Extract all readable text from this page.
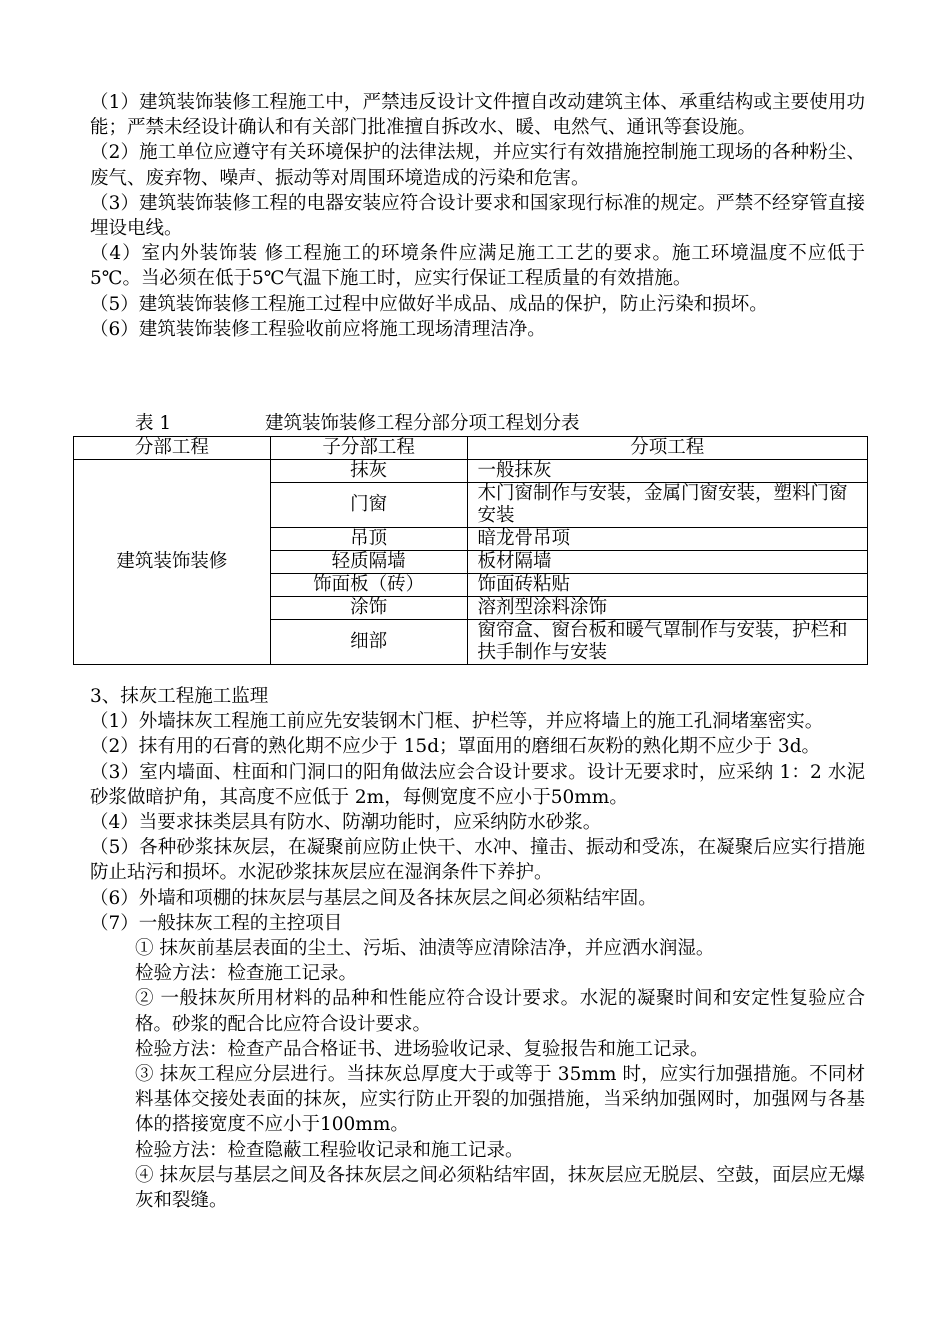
（1）建筑装饰装修工程施工中，严禁违反设计文件擅自改动建筑主体、承重结构或主要使用功能；严禁未经设计确认和有关部门批准擅自拆改水、暖、电然气、通讯等套设施。

（2）施工单位应遵守有关环境保护的法律法规，并应实行有效措施控制施工现场的各种粉尘、废气、废弃物、噪声、振动等对周围环境造成的污染和危害。

（3）建筑装饰装修工程的电器安装应符合设计要求和国家现行标准的规定。严禁不经穿管直接埋设电线。

（4）室内外装饰装 修工程施工的环境条件应满足施工工艺的要求。施工环境温度不应低于5℃。当必须在低于5℃气温下施工时，应实行保证工程质量的有效措施。

（5）建筑装饰装修工程施工过程中应做好半成品、成品的保护，防止污染和损坏。

（6）建筑装饰装修工程验收前应将施工现场清理洁净。

表 1	建筑装饰装修工程分部分项工程划分表
分部工程	子分部工程	分项工程
建筑装饰装修	抹灰	一般抹灰
	门窗	木门窗制作与安装，金属门窗安装，塑料门窗安装
	吊顶	暗龙骨吊项
	轻质隔墙	板材隔墙
	饰面板（砖）	饰面砖粘贴
	涂饰	溶剂型涂料涂饰
	细部	窗帘盒、窗台板和暖气罩制作与安装，护栏和扶手制作与安装

3、抹灰工程施工监理

（1）外墙抹灰工程施工前应先安装钢木门框、护栏等，并应将墙上的施工孔洞堵塞密实。

（2）抹有用的石膏的熟化期不应少于 15d；罩面用的磨细石灰粉的熟化期不应少于 3d。

（3）室内墙面、柱面和门洞口的阳角做法应会合设计要求。设计无要求时，应采纳 1：2 水泥砂浆做暗护角，其高度不应低于 2m，每侧宽度不应小于50mm。

（4）当要求抹类层具有防水、防潮功能时，应采纳防水砂浆。

（5）各种砂浆抹灰层，在凝聚前应防止快干、水冲、撞击、振动和受冻，在凝聚后应实行措施防止玷污和损坏。水泥砂浆抹灰层应在湿润条件下养护。

（6）外墙和项棚的抹灰层与基层之间及各抹灰层之间必须粘结牢固。

（7）一般抹灰工程的主控项目

① 抹灰前基层表面的尘土、污垢、油渍等应清除洁净，并应洒水润湿。

检验方法：检查施工记录。

② 一般抹灰所用材料的品种和性能应符合设计要求。水泥的凝聚时间和安定性复验应合格。砂浆的配合比应符合设计要求。

检验方法：检查产品合格证书、进场验收记录、复验报告和施工记录。

③ 抹灰工程应分层进行。当抹灰总厚度大于或等于 35mm 时，应实行加强措施。不同材料基体交接处表面的抹灰，应实行防止开裂的加强措施，当采纳加强网时，加强网与各基体的搭接宽度不应小于100mm。

检验方法：检查隐蔽工程验收记录和施工记录。

④ 抹灰层与基层之间及各抹灰层之间必须粘结牢固，抹灰层应无脱层、空鼓，面层应无爆灰和裂缝。
